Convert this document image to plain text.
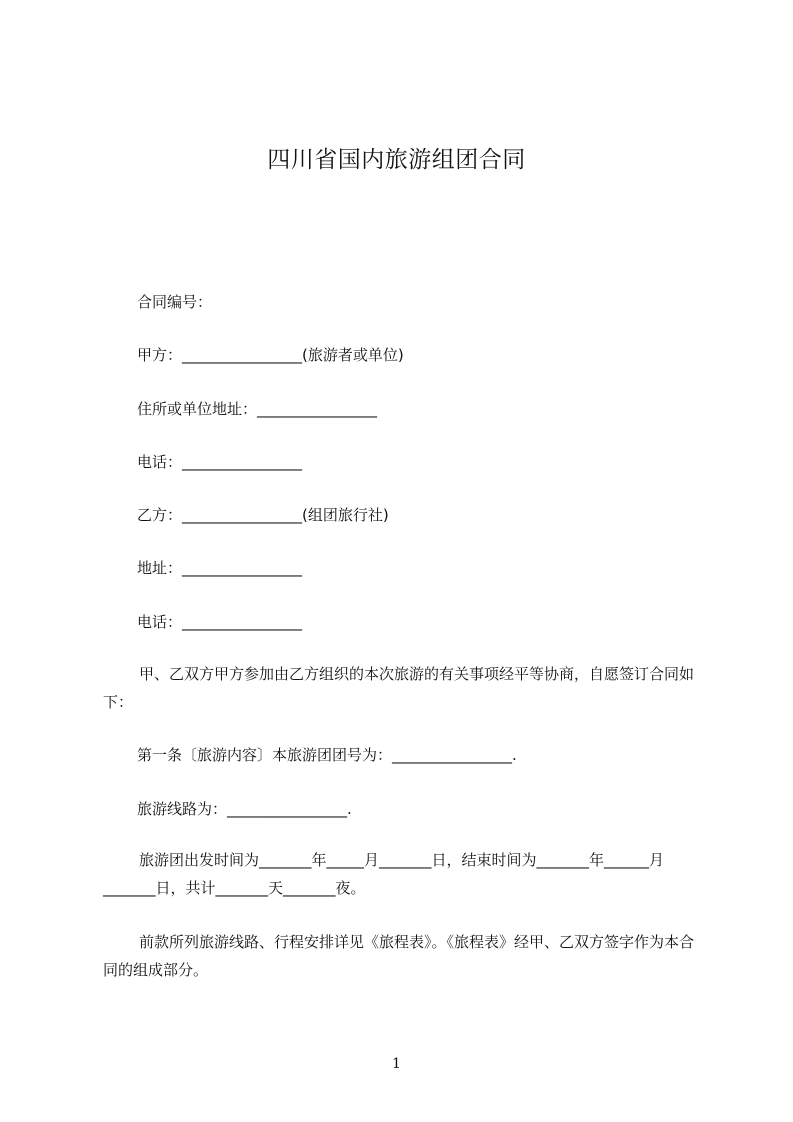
四川省国内旅游组团合同
合同编号：
甲方：________________(旅游者或单位)
住所或单位地址：________________
电话：________________
乙方：________________(组团旅行社)
地址：________________
电话：________________
甲、乙双方甲方参加由乙方组织的本次旅游的有关事项经平等协商，自愿签订合同如下：
第一条〔旅游内容〕本旅游团团号为：________________.
旅游线路为：________________.
旅游团出发时间为_______年_____月_______日，结束时间为_______年______月_______日，共计_______天_______夜。
前款所列旅游线路、行程安排详见《旅程表》。《旅程表》经甲、乙双方签字作为本合同的组成部分。
1
